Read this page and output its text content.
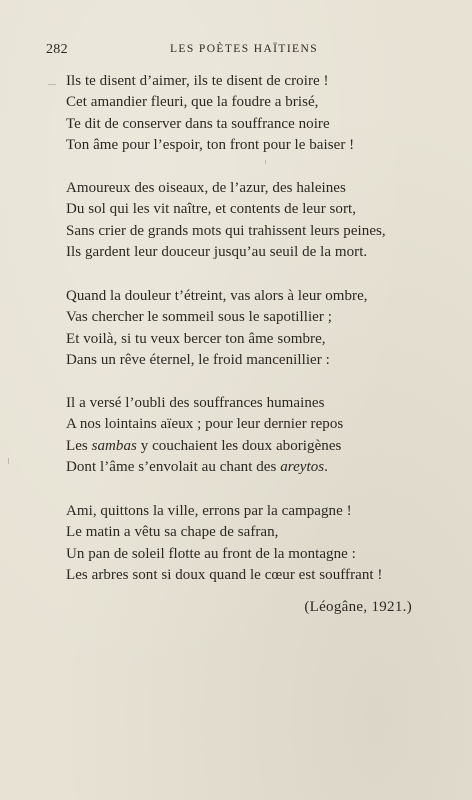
282	LES POÈTES HAÏTIENS
Ils te disent d’aimer, ils te disent de croire !
Cet amandier fleuri, que la foudre a brisé,
Te dit de conserver dans ta souffrance noire
Ton âme pour l’espoir, ton front pour le baiser !
Amoureux des oiseaux, de l’azur, des haleines
Du sol qui les vit naître, et contents de leur sort,
Sans crier de grands mots qui trahissent leurs peines,
Ils gardent leur douceur jusqu’au seuil de la mort.
Quand la douleur t’étreint, vas alors à leur ombre,
Vas chercher le sommeil sous le sapotillier ;
Et voilà, si tu veux bercer ton âme sombre,
Dans un rêve éternel, le froid mancenillier :
Il a versé l’oubli des souffrances humaines
A nos lointains aïeux ; pour leur dernier repos
Les sambas y couchaient les doux aborigènes
Dont l’âme s’envolait au chant des areytos.
Ami, quittons la ville, errons par la campagne !
Le matin a vêtu sa chape de safran,
Un pan de soleil flotte au front de la montagne :
Les arbres sont si doux quand le cœur est souffrant !
(Léogâne, 1921.)
